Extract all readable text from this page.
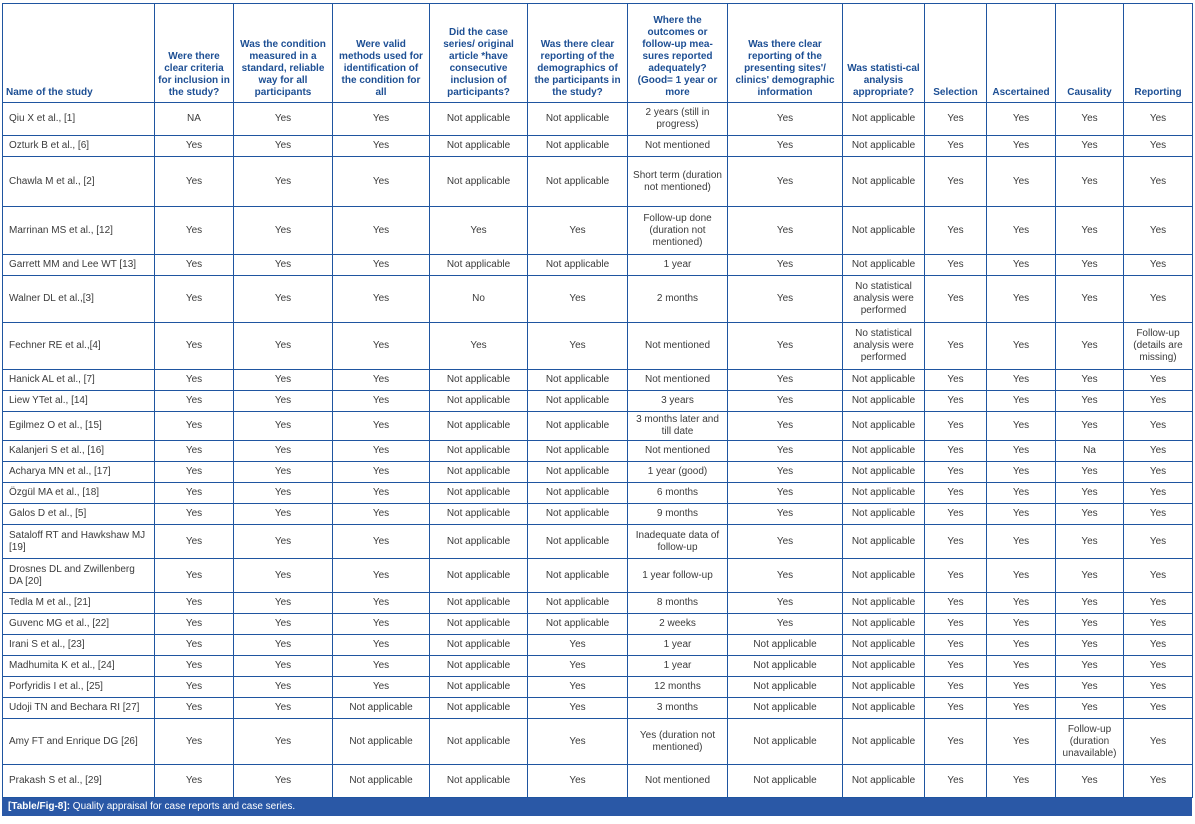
Name of the study	Were there clear criteria for inclusion in the study?	Was the condition measured in a standard, reliable way for all participants	Were valid methods used for identification of the condition for all	Did the case series/ original article *have consecutive inclusion of participants?	Was there clear reporting of the demographics of the participants in the study?	Where the outcomes or follow-up mea-sures reported adequately? (Good= 1 year or more	Was there clear reporting of the presenting sites'/ clinics' demographic information	Was statisti-cal analysis appropriate?	Selection	Ascertained	Causality	Reporting
Qiu X et al., [1]	NA	Yes	Yes	Not applicable	Not applicable	2 years (still in progress)	Yes	Not applicable	Yes	Yes	Yes	Yes
Ozturk B et al., [6]	Yes	Yes	Yes	Not applicable	Not applicable	Not mentioned	Yes	Not applicable	Yes	Yes	Yes	Yes
Chawla M et al., [2]	Yes	Yes	Yes	Not applicable	Not applicable	Short term (duration not mentioned)	Yes	Not applicable	Yes	Yes	Yes	Yes
Marrinan MS et al., [12]	Yes	Yes	Yes	Yes	Yes	Follow-up done (duration not mentioned)	Yes	Not applicable	Yes	Yes	Yes	Yes
Garrett MM and Lee WT [13]	Yes	Yes	Yes	Not applicable	Not applicable	1 year	Yes	Not applicable	Yes	Yes	Yes	Yes
Walner DL et al.,[3]	Yes	Yes	Yes	No	Yes	2 months	Yes	No statistical analysis were performed	Yes	Yes	Yes	Yes
Fechner RE et al.,[4]	Yes	Yes	Yes	Yes	Yes	Not mentioned	Yes	No statistical analysis were performed	Yes	Yes	Yes	Follow-up (details are missing)
Hanick AL et al., [7]	Yes	Yes	Yes	Not applicable	Not applicable	Not mentioned	Yes	Not applicable	Yes	Yes	Yes	Yes
Liew YTet al., [14]	Yes	Yes	Yes	Not applicable	Not applicable	3 years	Yes	Not applicable	Yes	Yes	Yes	Yes
Egilmez O et al., [15]	Yes	Yes	Yes	Not applicable	Not applicable	3 months later and till date	Yes	Not applicable	Yes	Yes	Yes	Yes
Kalanjeri S et al., [16]	Yes	Yes	Yes	Not applicable	Not applicable	Not mentioned	Yes	Not applicable	Yes	Yes	Na	Yes
Acharya MN et al., [17]	Yes	Yes	Yes	Not applicable	Not applicable	1 year (good)	Yes	Not applicable	Yes	Yes	Yes	Yes
Özgül MA et al., [18]	Yes	Yes	Yes	Not applicable	Not applicable	6 months	Yes	Not applicable	Yes	Yes	Yes	Yes
Galos D et al., [5]	Yes	Yes	Yes	Not applicable	Not applicable	9 months	Yes	Not applicable	Yes	Yes	Yes	Yes
Sataloff RT and Hawkshaw MJ [19]	Yes	Yes	Yes	Not applicable	Not applicable	Inadequate data of follow-up	Yes	Not applicable	Yes	Yes	Yes	Yes
Drosnes DL and Zwillenberg DA [20]	Yes	Yes	Yes	Not applicable	Not applicable	1 year follow-up	Yes	Not applicable	Yes	Yes	Yes	Yes
Tedla M et al., [21]	Yes	Yes	Yes	Not applicable	Not applicable	8 months	Yes	Not applicable	Yes	Yes	Yes	Yes
Guvenc MG et al., [22]	Yes	Yes	Yes	Not applicable	Not applicable	2 weeks	Yes	Not applicable	Yes	Yes	Yes	Yes
Irani S et al., [23]	Yes	Yes	Yes	Not applicable	Yes	1 year	Not applicable	Not applicable	Yes	Yes	Yes	Yes
Madhumita K et al., [24]	Yes	Yes	Yes	Not applicable	Yes	1 year	Not applicable	Not applicable	Yes	Yes	Yes	Yes
Porfyridis I et al., [25]	Yes	Yes	Yes	Not applicable	Yes	12 months	Not applicable	Not applicable	Yes	Yes	Yes	Yes
Udoji TN and Bechara RI [27]	Yes	Yes	Not applicable	Not applicable	Yes	3 months	Not applicable	Not applicable	Yes	Yes	Yes	Yes
Amy FT and Enrique DG [26]	Yes	Yes	Not applicable	Not applicable	Yes	Yes (duration not mentioned)	Not applicable	Not applicable	Yes	Yes	Follow-up (duration unavailable)	Yes
Prakash S et al., [29]	Yes	Yes	Not applicable	Not applicable	Yes	Not mentioned	Not applicable	Not applicable	Yes	Yes	Yes	Yes
[Table/Fig-8]: Quality appraisal for case reports and case series.
